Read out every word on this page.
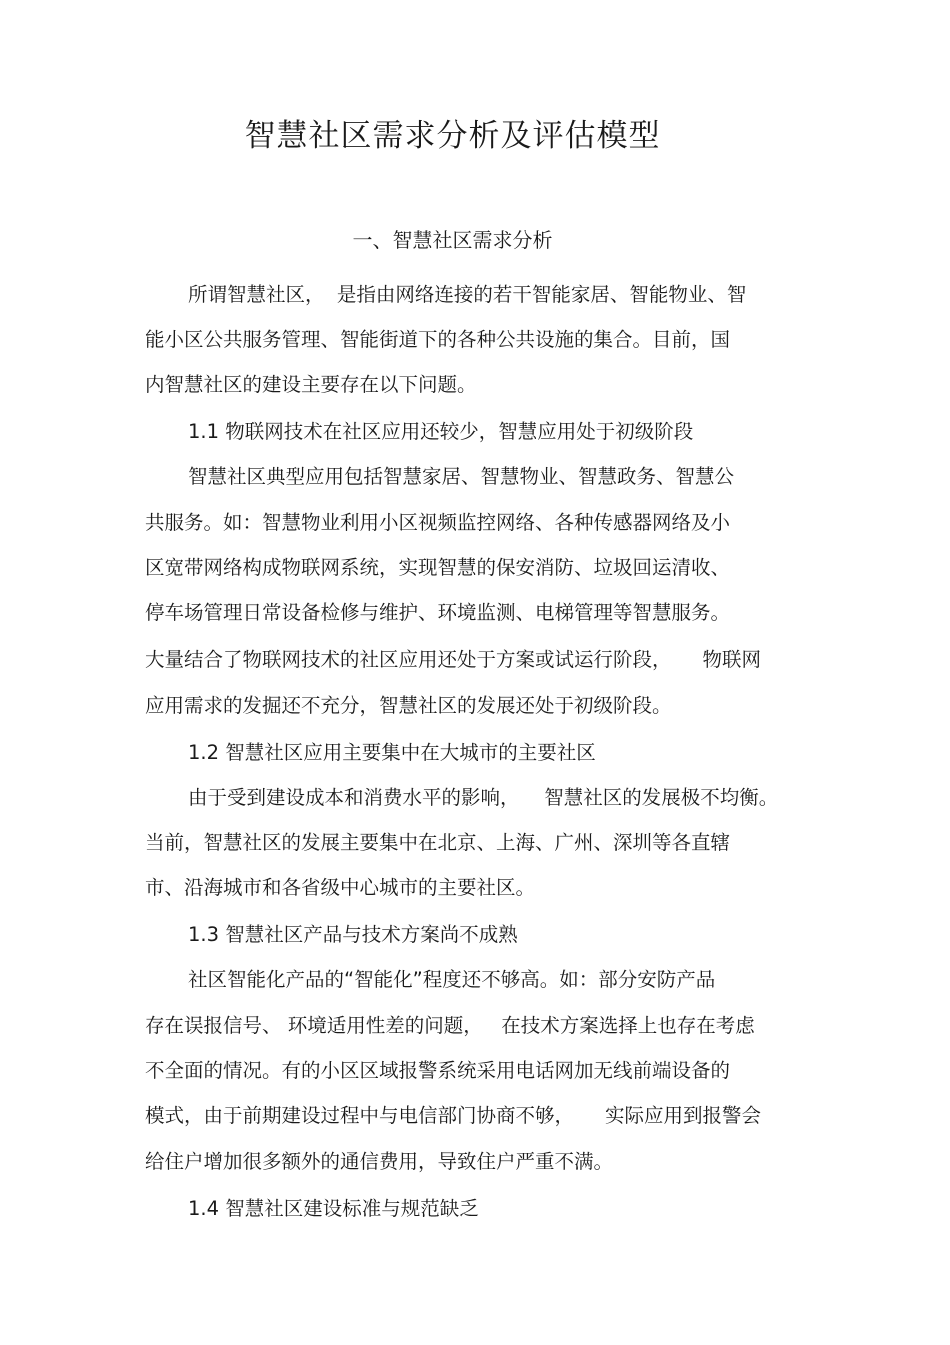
智慧社区需求分析及评估模型
一、智慧社区需求分析
所谓智慧社区，  是指由网络连接的若干智能家居、智能物业、智
能小区公共服务管理、智能街道下的各种公共设施的集合。目前，国
内智慧社区的建设主要存在以下问题。
1.1 物联网技术在社区应用还较少，智慧应用处于初级阶段
智慧社区典型应用包括智慧家居、智慧物业、智慧政务、智慧公
共服务。如：智慧物业利用小区视频监控网络、各种传感器网络及小
区宽带网络构成物联网系统，实现智慧的保安消防、垃圾回运清收、
停车场管理日常设备检修与维护、环境监测、电梯管理等智慧服务。
大量结合了物联网技术的社区应用还处于方案或试运行阶段，     物联网
应用需求的发掘还不充分，智慧社区的发展还处于初级阶段。
1.2 智慧社区应用主要集中在大城市的主要社区
由于受到建设成本和消费水平的影响，    智慧社区的发展极不均衡。
当前，智慧社区的发展主要集中在北京、上海、广州、深圳等各直辖
市、沿海城市和各省级中心城市的主要社区。
1.3 智慧社区产品与技术方案尚不成熟
社区智能化产品的“智能化”程度还不够高。如：部分安防产品
存在误报信号、 环境适用性差的问题，   在技术方案选择上也存在考虑
不全面的情况。有的小区区域报警系统采用电话网加无线前端设备的
模式，由于前期建设过程中与电信部门协商不够，     实际应用到报警会
给住户增加很多额外的通信费用，导致住户严重不满。
1.4 智慧社区建设标准与规范缺乏
